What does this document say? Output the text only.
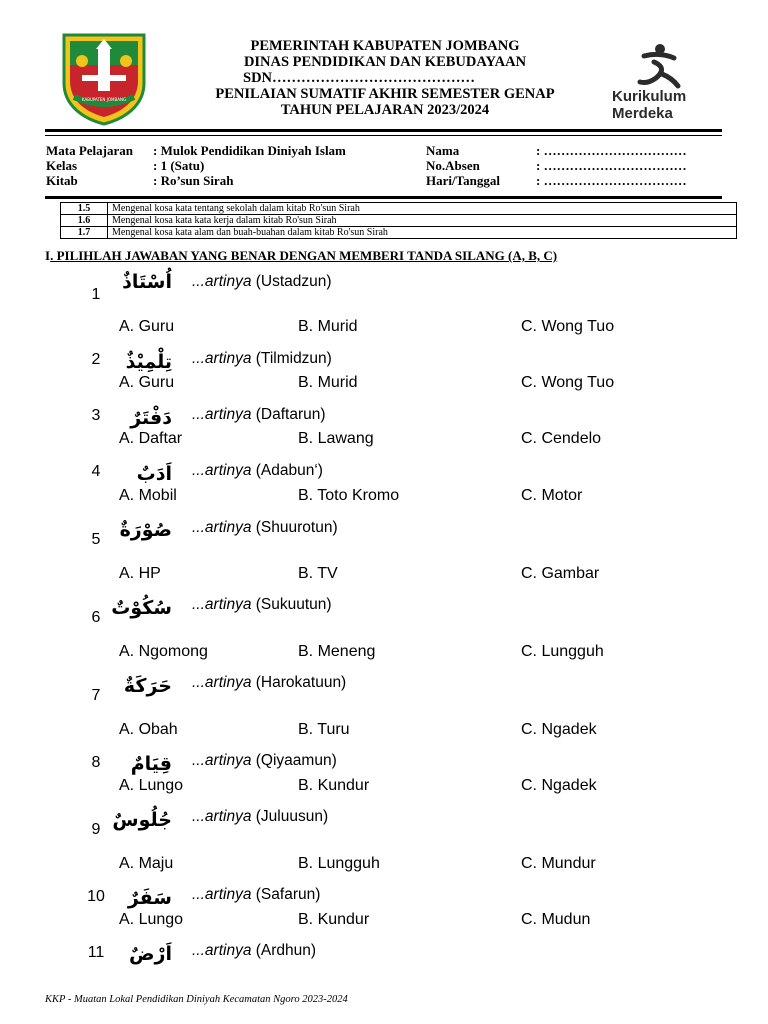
KABUPATEN JOMBANG
PEMERINTAH KABUPATEN JOMBANG
DINAS PENDIDIKAN DAN KEBUDAYAAN
SDN……………………………………
PENILAIAN SUMATIF AKHIR SEMESTER GENAP
TAHUN PELAJARAN 2023/2024
Kurikulum
Merdeka
Mata Pelajaran : Mulok Pendidikan Diniyah Islam
Kelas	: 1 (Satu)
Kitab	: Ro’sun Sirah
Nama	: ……………………………
No.Absen	: ……………………………
Hari/Tanggal	: ……………………………
1.5	Mengenal kosa kata tentang sekolah dalam kitab Ro'sun Sirah
1.6	Mengenal kosa kata kata kerja dalam kitab Ro'sun Sirah
1.7	Mengenal kosa kata alam dan buah-buahan dalam kitab Ro'sun Sirah
I. PILIHLAH JAWABAN YANG BENAR DENGAN MEMBERI TANDA SILANG (A, B, C)
1
اُسْتَاذٌ ...artinya (Ustadzun)
A. Guru	B. Murid	C. Wong Tuo
2	تِلْمِيْذٌ ...artinya (Tilmidzun)
A. Guru	B. Murid	C. Wong Tuo
3	دَفْتَرٌ ...artinya (Daftarun)
A. Daftar	B. Lawang	C. Cendelo
4	اَدَبٌ ...artinya (Adabun‘)
A. Mobil	B. Toto Kromo	C. Motor
5	صُوْرَةٌ ...artinya (Shuurotun)
A. HP	B. TV	C. Gambar
6 سُكُوْتٌ ...artinya (Sukuutun)
A. Ngomong	B. Meneng	C. Lungguh
7	حَرَكَةٌ ...artinya (Harokatuun)
A. Obah	B. Turu	C. Ngadek
8	قِيَامٌ ...artinya (Qiyaamun)
A. Lungo	B. Kundur	C. Ngadek
9 جُلُوسٌ ...artinya (Juluusun)
A. Maju	B. Lungguh	C. Mundur
10	سَفَرٌ ...artinya (Safarun)
A. Lungo	B. Kundur	C. Mudun
11	اَرْضٌ ...artinya (Ardhun)
KKP - Muatan Lokal Pendidikan Diniyah Kecamatan Ngoro 2023-2024
